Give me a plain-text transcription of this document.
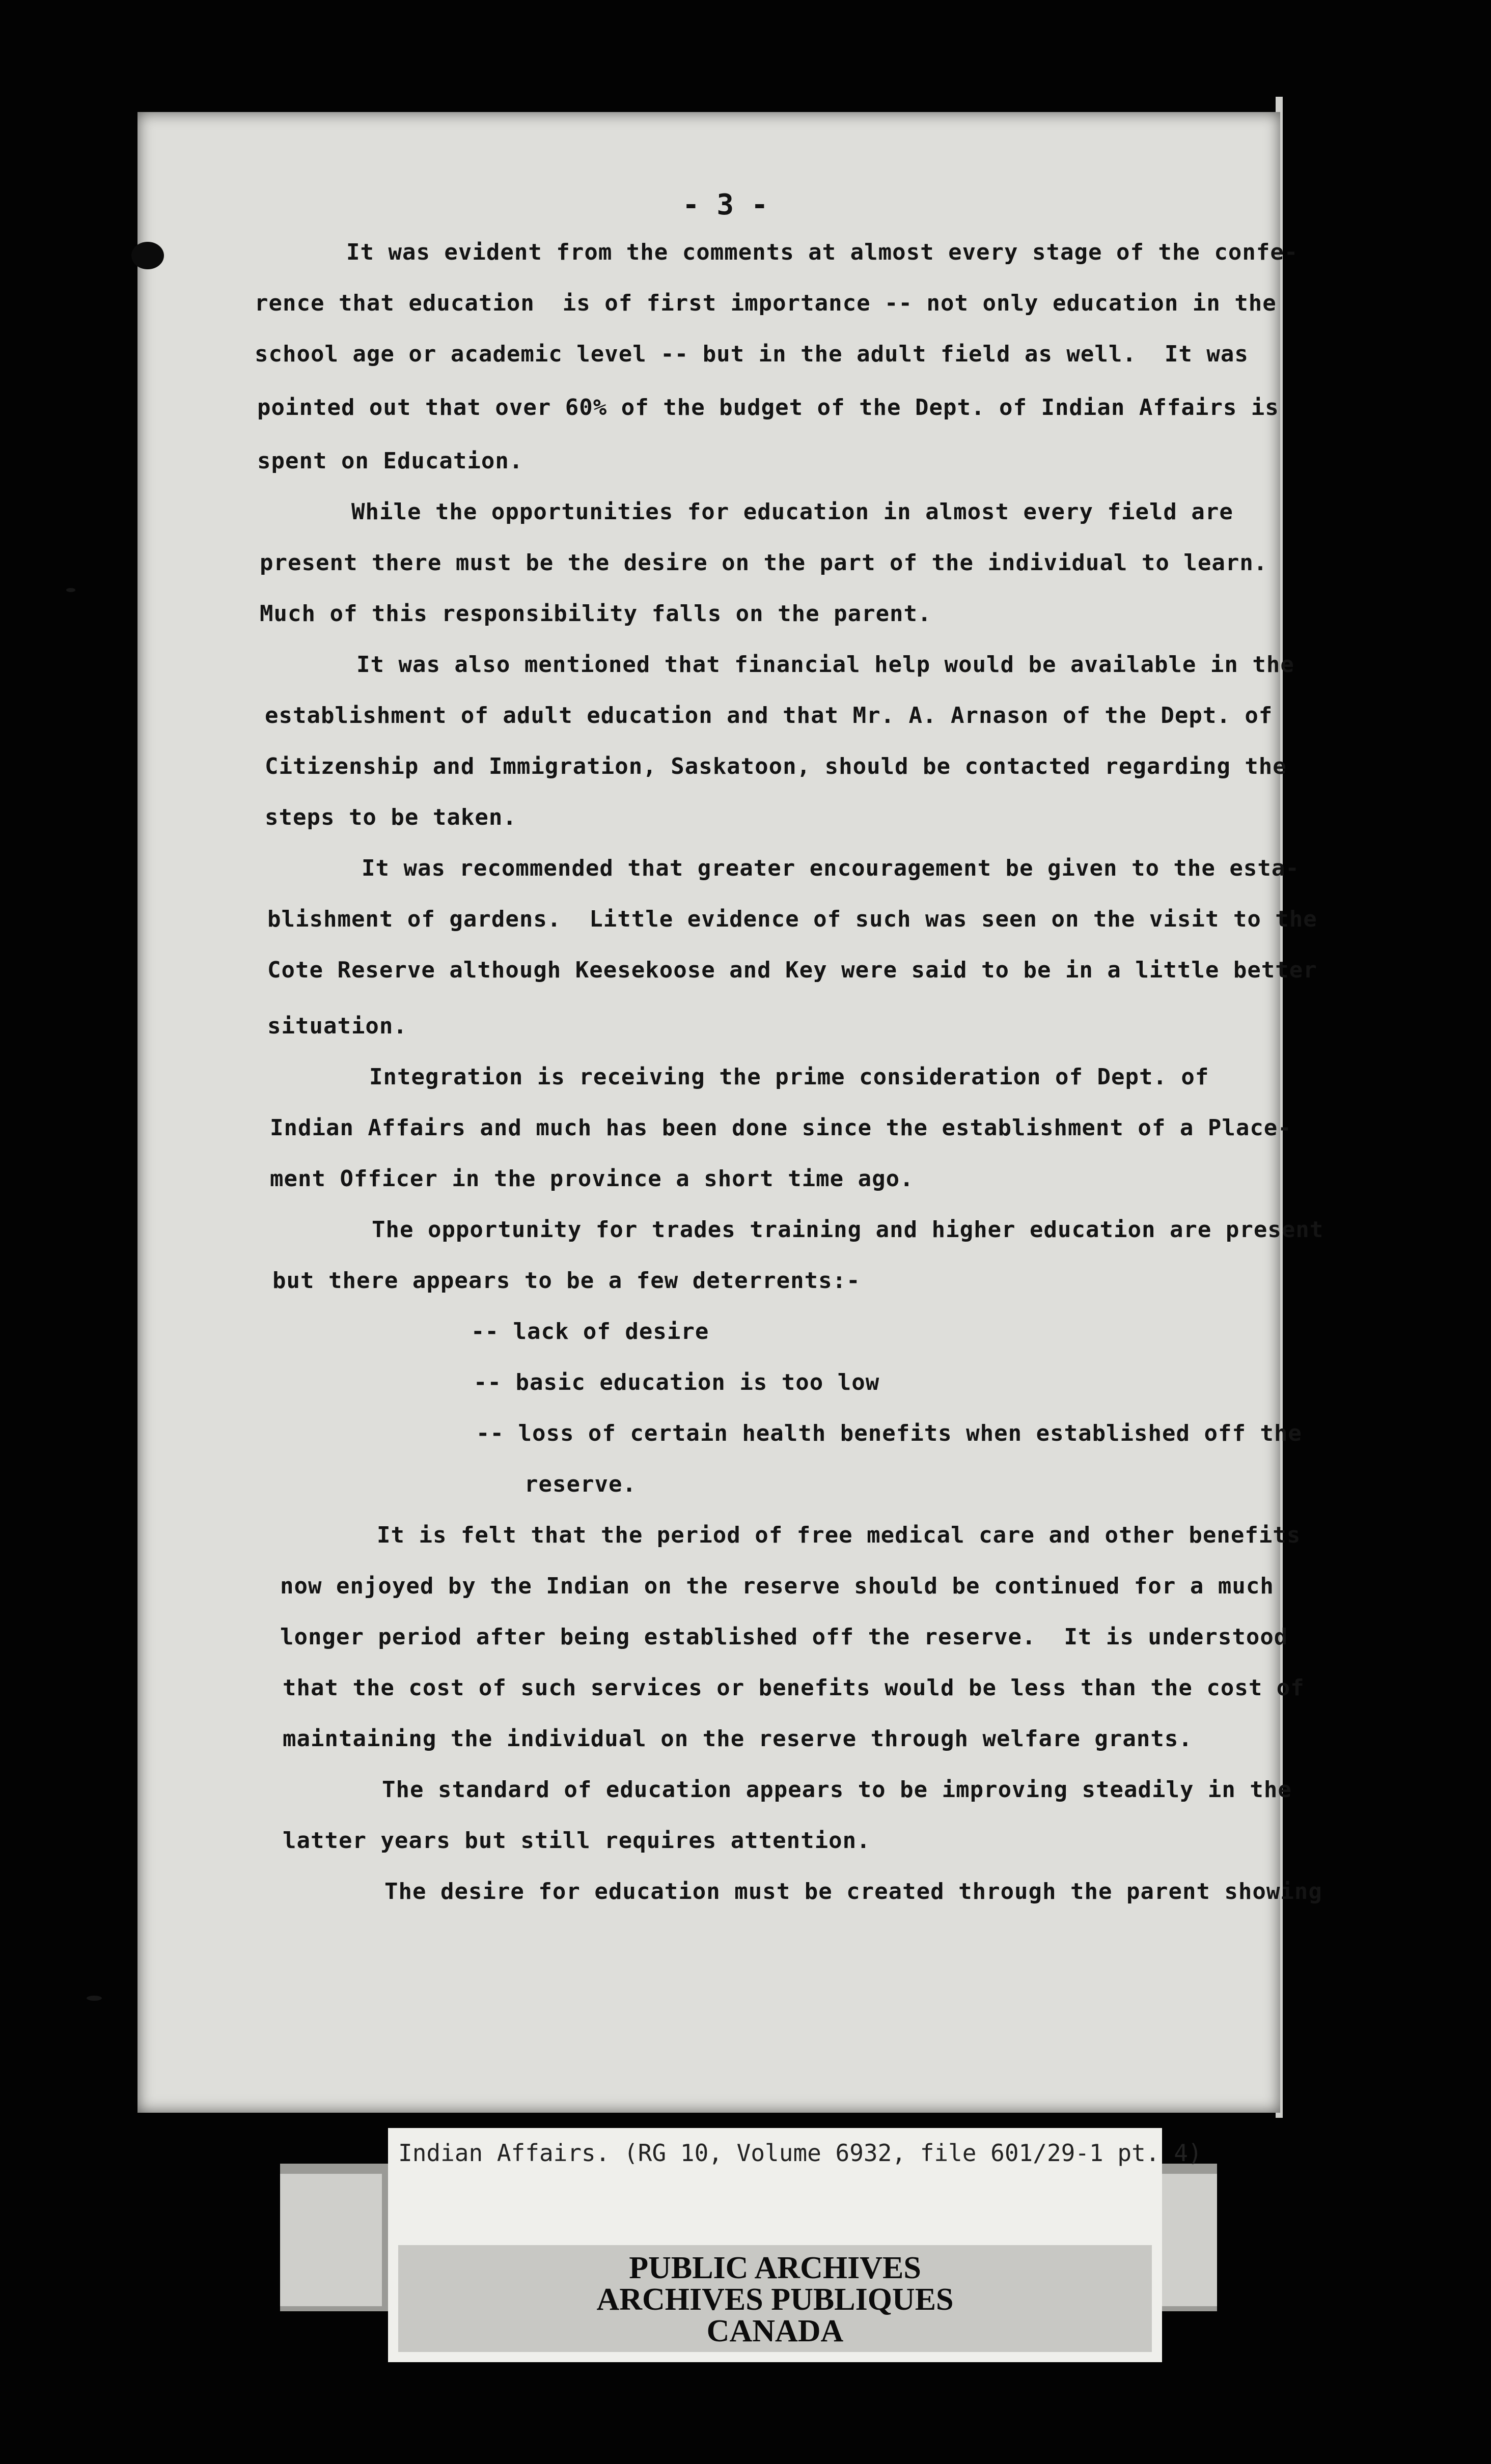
- 3 -
It was evident from the comments at almost every stage of the confe-
rence that education  is of first importance -- not only education in the
school age or academic level -- but in the adult field as well.  It was
pointed out that over 60% of the budget of the Dept. of Indian Affairs is
spent on Education.
While the opportunities for education in almost every field are
present there must be the desire on the part of the individual to learn.
Much of this responsibility falls on the parent.
It was also mentioned that financial help would be available in the
establishment of adult education and that Mr. A. Arnason of the Dept. of
Citizenship and Immigration, Saskatoon, should be contacted regarding the
steps to be taken.
It was recommended that greater encouragement be given to the esta-
blishment of gardens.  Little evidence of such was seen on the visit to the
Cote Reserve although Keesekoose and Key were said to be in a little better
situation.
Integration is receiving the prime consideration of Dept. of
Indian Affairs and much has been done since the establishment of a Place-
ment Officer in the province a short time ago.
The opportunity for trades training and higher education are present
but there appears to be a few deterrents:-
-- lack of desire
-- basic education is too low
-- loss of certain health benefits when established off the
reserve.
It is felt that the period of free medical care and other benefits
now enjoyed by the Indian on the reserve should be continued for a much
longer period after being established off the reserve.  It is understood
that the cost of such services or benefits would be less than the cost of
maintaining the individual on the reserve through welfare grants.
The standard of education appears to be improving steadily in the
latter years but still requires attention.
The desire for education must be created through the parent showing
Indian Affairs. (RG 10, Volume 6932, file 601/29-1 pt. 4)
PUBLIC ARCHIVES
ARCHIVES PUBLIQUES
CANADA
